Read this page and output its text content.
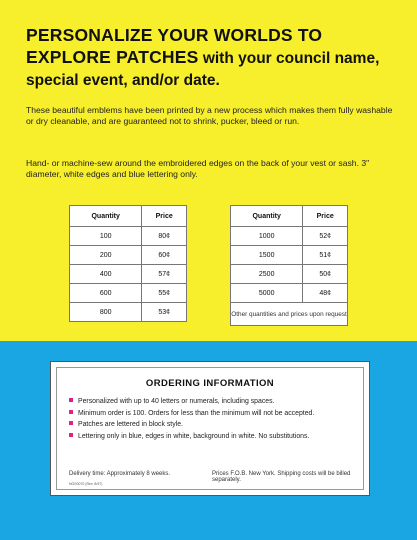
PERSONALIZE YOUR WORLDS TO
EXPLORE PATCHES with your council name,
special event, and/or date.
These beautiful emblems have been printed by a new process which makes them fully washable or dry cleanable, and are guaranteed not to shrink, pucker, bleed or run.
Hand- or machine-sew around the embroidered edges on the back of your vest or sash. 3" diameter, white edges and blue lettering only.
Quantity	Price
100	80¢
200	60¢
400	57¢
600	55¢
800	53¢
Quantity	Price
1000	52¢
1500	51¢
2500	50¢
5000	48¢
Other quantities and prices upon request	
ORDERING INFORMATION
Personalized with up to 40 letters or numerals, including spaces.
Minimum order is 100. Orders for less than the minimum will not be accepted.
Patches are lettered in block style.
Lettering only in blue, edges in white, background in white. No substitutions.
Delivery time: Approximately 8 weeks.	Prices F.O.B. New York. Shipping costs will be billed separately.
NGS0070 (Rev. 8/97)
